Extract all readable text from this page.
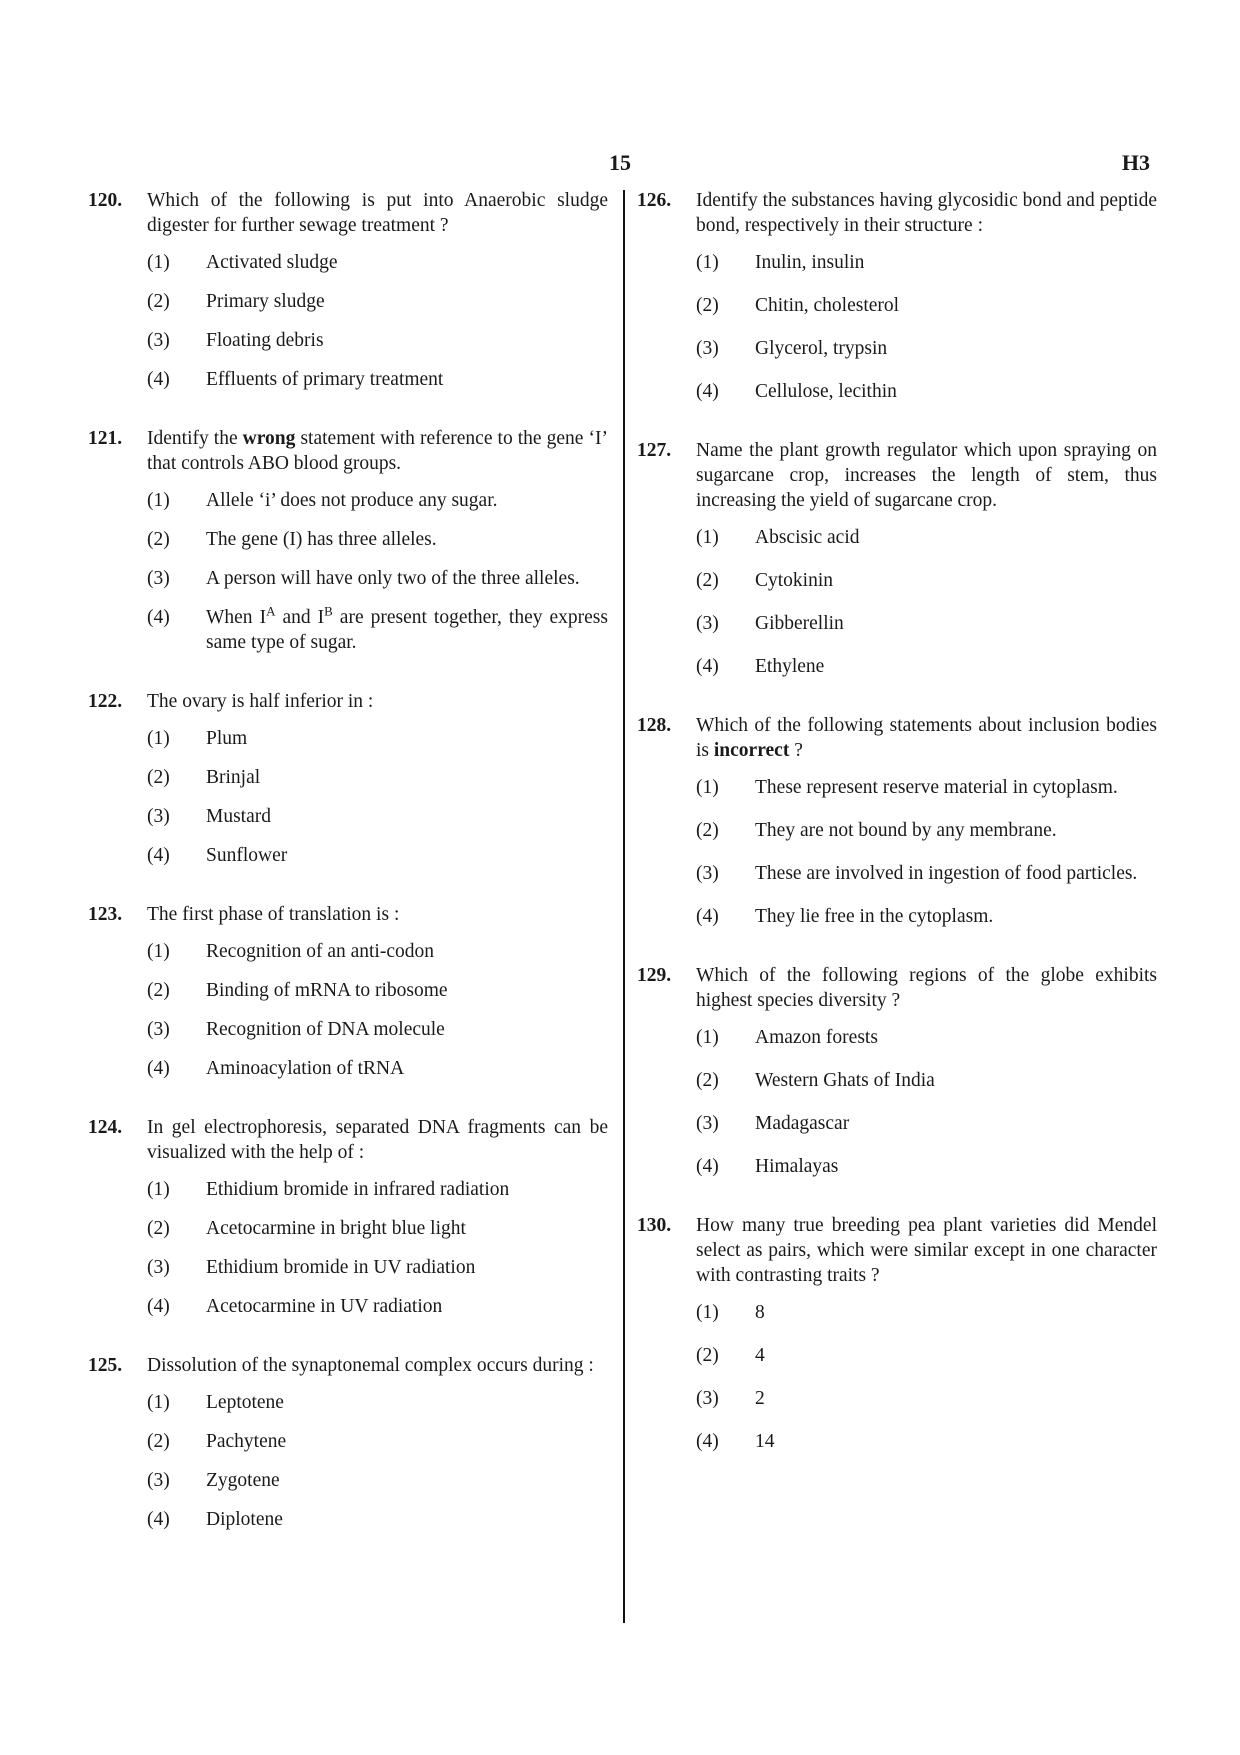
15	H3
120.	Which of the following is put into Anaerobic sludge digester for further sewage treatment ?
(1)	Activated sludge
(2)	Primary sludge
(3)	Floating debris
(4)	Effluents of primary treatment
121.	Identify the wrong statement with reference to the gene ‘I’ that controls ABO blood groups.
(1)	Allele ‘i’ does not produce any sugar.
(2)	The gene (I) has three alleles.
(3)	A person will have only two of the three alleles.
(4)	When $I^A$ and $I^B$ are present together, they express same type of sugar.
122.	The ovary is half inferior in :
(1)	Plum
(2)	Brinjal
(3)	Mustard
(4)	Sunflower
123.	The first phase of translation is :
(1)	Recognition of an anti-codon
(2)	Binding of mRNA to ribosome
(3)	Recognition of DNA molecule
(4)	Aminoacylation of tRNA
124.	In gel electrophoresis, separated DNA fragments can be visualized with the help of :
(1)	Ethidium bromide in infrared radiation
(2)	Acetocarmine in bright blue light
(3)	Ethidium bromide in UV radiation
(4)	Acetocarmine in UV radiation
125.	Dissolution of the synaptonemal complex occurs during :
(1)	Leptotene
(2)	Pachytene
(3)	Zygotene
(4)	Diplotene
126.	Identify the substances having glycosidic bond and peptide bond, respectively in their structure :
(1)	Inulin, insulin
(2)	Chitin, cholesterol
(3)	Glycerol, trypsin
(4)	Cellulose, lecithin
127.	Name the plant growth regulator which upon spraying on sugarcane crop, increases the length of stem, thus increasing the yield of sugarcane crop.
(1)	Abscisic acid
(2)	Cytokinin
(3)	Gibberellin
(4)	Ethylene
128.	Which of the following statements about inclusion bodies is incorrect ?
(1)	These represent reserve material in cytoplasm.
(2)	They are not bound by any membrane.
(3)	These are involved in ingestion of food particles.
(4)	They lie free in the cytoplasm.
129.	Which of the following regions of the globe exhibits highest species diversity ?
(1)	Amazon forests
(2)	Western Ghats of India
(3)	Madagascar
(4)	Himalayas
130.	How many true breeding pea plant varieties did Mendel select as pairs, which were similar except in one character with contrasting traits ?
(1)	8
(2)	4
(3)	2
(4)	14
